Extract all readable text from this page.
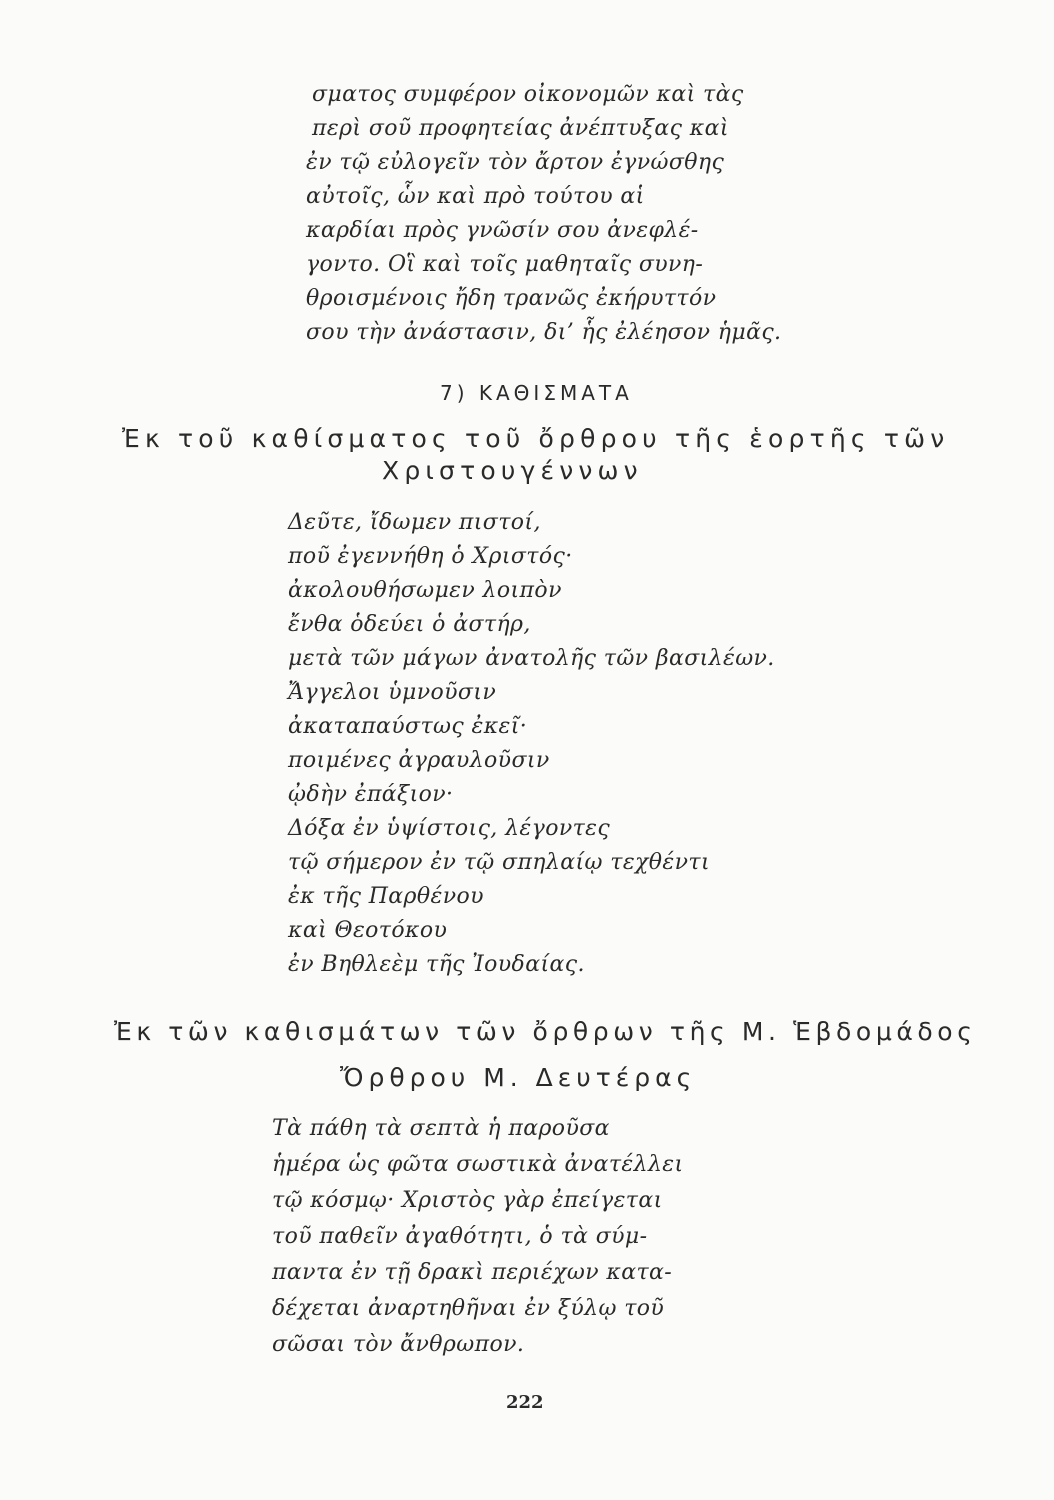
σματος συμφέρον οἰκονομῶν καὶ τὰς
περὶ σοῦ προφητείας ἀνέπτυξας καὶ
ἐν τῷ εὐλογεῖν τὸν ἄρτον ἐγνώσθης
αὐτοῖς, ὧν καὶ πρὸ τούτου αἱ
καρδίαι πρὸς γνῶσίν σου ἀνεφλέ-
γοντο. Οἳ καὶ τοῖς μαθηταῖς συνη-
θροισμένοις ἤδη τρανῶς ἐκήρυττόν
σου τὴν ἀνάστασιν, δι’ ἧς ἐλέησον ἡμᾶς.
7) ΚΑΘΙΣΜΑΤΑ
Ἐκ τοῦ καθίσματος τοῦ ὄρθρου τῆς ἑορτῆς τῶν
Χριστουγέννων
Δεῦτε, ἴδωμεν πιστοί,
ποῦ ἐγεννήθη ὁ Χριστός·
ἀκολουθήσωμεν λοιπὸν
ἔνθα ὁδεύει ὁ ἀστήρ,
μετὰ τῶν μάγων ἀνατολῆς τῶν βασιλέων.
Ἄγγελοι ὑμνοῦσιν
ἀκαταπαύστως ἐκεῖ·
ποιμένες ἀγραυλοῦσιν
ᾠδὴν ἐπάξιον·
Δόξα ἐν ὑψίστοις, λέγοντες
τῷ σήμερον ἐν τῷ σπηλαίῳ τεχθέντι
ἐκ τῆς Παρθένου
καὶ Θεοτόκου
ἐν Βηθλεὲμ τῆς Ἰουδαίας.
Ἐκ τῶν καθισμάτων τῶν ὄρθρων τῆς Μ. Ἑβδομάδος
Ὄρθρου Μ. Δευτέρας
Τὰ πάθη τὰ σεπτὰ ἡ παροῦσα
ἡμέρα ὡς φῶτα σωστικὰ ἀνατέλλει
τῷ κόσμῳ· Χριστὸς γὰρ ἐπείγεται
τοῦ παθεῖν ἀγαθότητι, ὁ τὰ σύμ-
παντα ἐν τῇ δρακὶ περιέχων κατα-
δέχεται ἀναρτηθῆναι ἐν ξύλῳ τοῦ
σῶσαι τὸν ἄνθρωπον.
222
